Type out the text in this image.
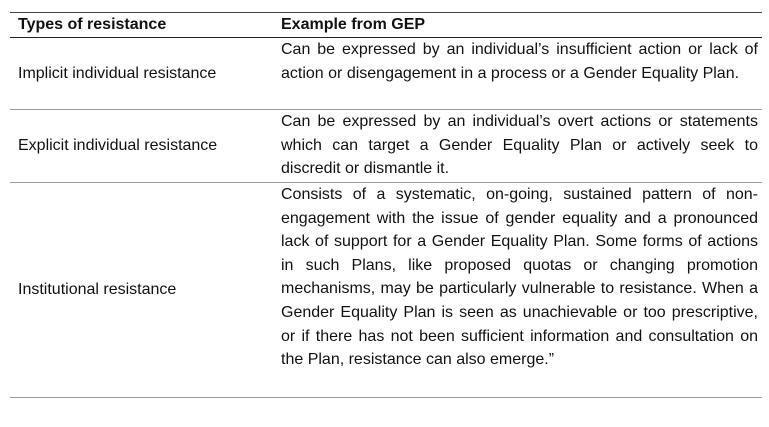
Types of resistance	Example from GEP
Implicit individual resistance
Can be expressed by an individual’s insufficient action or lack of action or disengagement in a process or a Gender Equality Plan.
Explicit individual resistance
Can be expressed by an individual’s overt actions or statements which can target a Gender Equality Plan or actively seek to discredit or dismantle it.
Institutional resistance
Consists of a systematic, on-going, sustained pattern of non-engagement with the issue of gender equality and a pronounced lack of support for a Gender Equality Plan. Some forms of actions in such Plans, like proposed quotas or changing promotion mechanisms, may be particularly vulnerable to resistance. When a Gender Equality Plan is seen as unachievable or too prescriptive, or if there has not been sufficient information and consultation on the Plan, resistance can also emerge.”
